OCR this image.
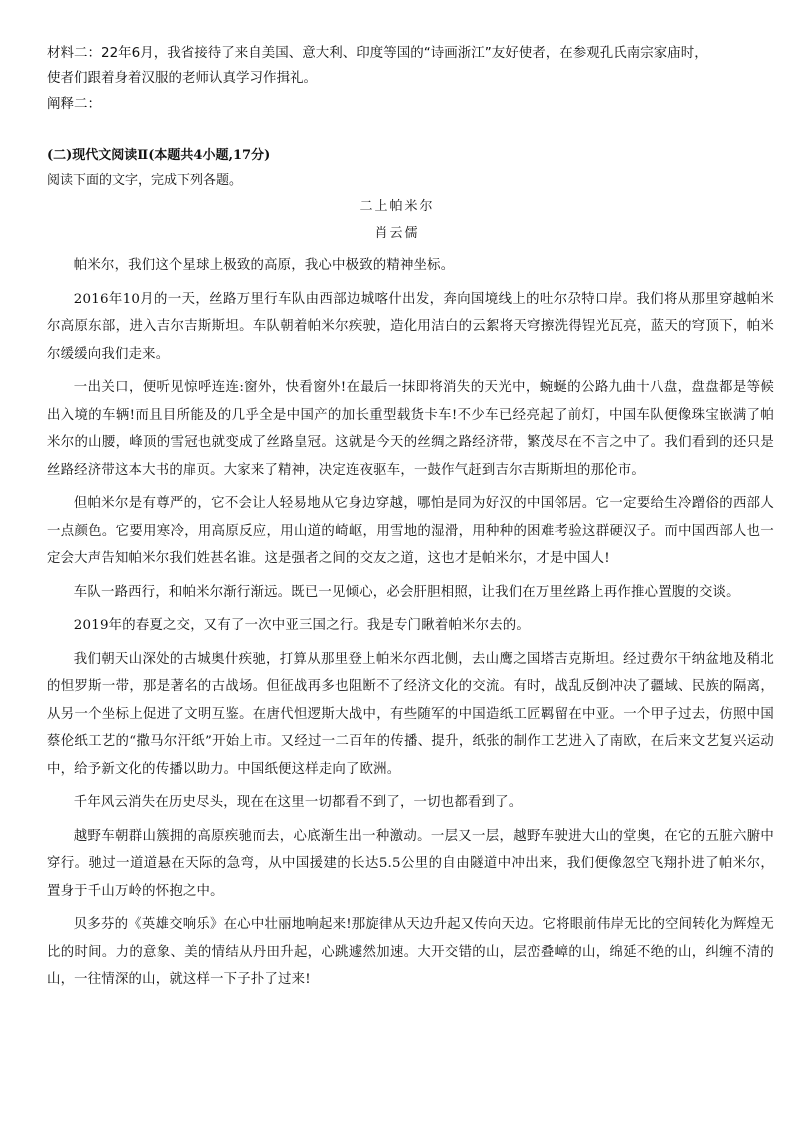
材料二：22年6月，我省接待了来自美国、意大利、印度等国的“诗画浙江”友好使者，在参观孔氏南宗家庙时，

使者们跟着身着汉服的老师认真学习作揖礼。

阐释二：

(二)现代文阅读Ⅱ(本题共4小题,17分)

阅读下面的文字，完成下列各题。

二上帕米尔

肖云儒

帕米尔，我们这个星球上极致的高原，我心中极致的精神坐标。

2016年10月的一天，丝路万里行车队由西部边城喀什出发，奔向国境线上的吐尔尕特口岸。我们将从那里穿越帕米尔高原东部，进入吉尔吉斯斯坦。车队朝着帕米尔疾驶，造化用洁白的云絮将天穹擦洗得锃光瓦亮，蓝天的穹顶下，帕米尔缓缓向我们走来。

一出关口，便听见惊呼连连:窗外，快看窗外!在最后一抹即将消失的天光中，蜿蜒的公路九曲十八盘，盘盘都是等候出入境的车辆!而且目所能及的几乎全是中国产的加长重型载货卡车!不少车已经亮起了前灯，中国车队便像珠宝嵌满了帕米尔的山腰，峰顶的雪冠也就变成了丝路皇冠。这就是今天的丝绸之路经济带，繁茂尽在不言之中了。我们看到的还只是丝路经济带这本大书的扉页。大家来了精神，决定连夜驱车，一鼓作气赶到吉尔吉斯斯坦的那伦市。

但帕米尔是有尊严的，它不会让人轻易地从它身边穿越，哪怕是同为好汉的中国邻居。它一定要给生冷蹭俗的西部人一点颜色。它要用寒冷，用高原反应，用山道的崎岖，用雪地的湿滑，用种种的困难考验这群硬汉子。而中国西部人也一定会大声告知帕米尔我们姓甚名谁。这是强者之间的交友之道，这也才是帕米尔，才是中国人!

车队一路西行，和帕米尔渐行渐远。既已一见倾心，必会肝胆相照，让我们在万里丝路上再作推心置腹的交谈。

2019年的春夏之交，又有了一次中亚三国之行。我是专门瞅着帕米尔去的。

我们朝天山深处的古城奥什疾驰，打算从那里登上帕米尔西北侧，去山鹰之国塔吉克斯坦。经过费尔干纳盆地及稍北的怛罗斯一带，那是著名的古战场。但征战再多也阻断不了经济文化的交流。有时，战乱反倒冲决了疆域、民族的隔离，从另一个坐标上促进了文明互鉴。在唐代怛逻斯大战中，有些随军的中国造纸工匠羁留在中亚。一个甲子过去，仿照中国蔡伦纸工艺的“撒马尔汗纸”开始上市。又经过一二百年的传播、提升，纸张的制作工艺进入了南欧，在后来文艺复兴运动中，给予新文化的传播以助力。中国纸便这样走向了欧洲。

千年风云消失在历史尽头，现在在这里一切都看不到了，一切也都看到了。

越野车朝群山簇拥的高原疾驰而去，心底渐生出一种激动。一层又一层，越野车驶进大山的堂奥，在它的五脏六腑中穿行。驰过一道道悬在天际的急弯，从中国援建的长达5.5公里的自由隧道中冲出来，我们便像忽空飞翔扑进了帕米尔，置身于千山万岭的怀抱之中。

贝多芬的《英雄交响乐》在心中壮丽地响起来!那旋律从天边升起又传向天边。它将眼前伟岸无比的空间转化为辉煌无比的时间。力的意象、美的情结从丹田升起，心跳遽然加速。大开交错的山，层峦叠嶂的山，绵延不绝的山，纠缠不清的山，一往情深的山，就这样一下子扑了过来!
